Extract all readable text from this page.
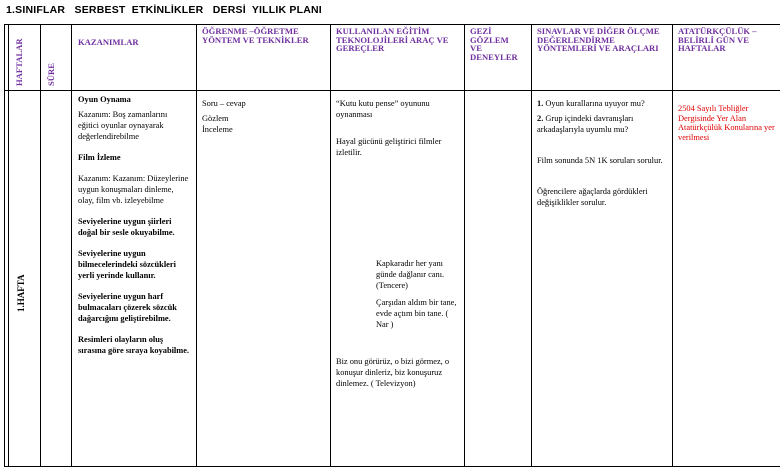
1.SINIFLAR   SERBEST  ETKİNLİKLER   DERSİ  YILLIK PLANI
HAFTALAR	SÜRE
KAZANIMLAR
ÖĞRENME –ÖĞRETME YÖNTEM VE TEKNİKLER
KULLANILAN EĞİTİM TEKNOLOJİLERİ ARAÇ VE GEREÇLER
GEZİ GÖZLEM VE DENEYLER
SINAVLAR VE DİĞER ÖLÇME DEĞERLENDİRME YÖNTEMLERİ VE ARAÇLARI
ATATÜRKÇÜLÜK – BELİRLİ GÜN VE HAFTALAR
1.HAFTA

Oyun Oynama

Kazanım: Boş zamanlarını eğitici oyunlar oynayarak değerlendirebilme

Film İzleme

Kazanım: Kazanım: Düzeylerine uygun konuşmaları dinleme, olay, film vb. izleyebilme

Seviyelerine uygun şiirleri doğal bir sesle okuyabilme.

Seviyelerine uygun bilmecelerindeki sözcükleri yerli yerinde kullanır.

Seviyelerine uygun harf bulmacaları çözerek sözcük dağarcığını geliştirebilme.

Resimleri olayların oluş sırasına göre sıraya koyabilme.

Soru – cevap

Gözlem

İnceleme

“Kutu kutu pense” oyununu oynanması

Hayal gücünü geliştirici filmler izletilir.

Kapkaradır her yanı günde dağlanır canı. (Tencere)

Çarşıdan aldım bir tane, evde açtım bin tane. ( Nar )

Biz onu görürüz, o bizi görmez, o konuşur dinleriz, biz konuşuruz dinlemez. ( Televizyon)

1. Oyun kurallarına uyuyor mu?

2. Grup içindeki davranışları arkadaşlarıyla uyumlu mu?

Film sonunda 5N 1K soruları sorulur.

Öğrencilere ağaçlarda gördükleri değişiklikler sorulur.

2504 Sayılı Tebliğler Dergisinde Yer Alan Atatürkçülük Konularına yer verilmesi
